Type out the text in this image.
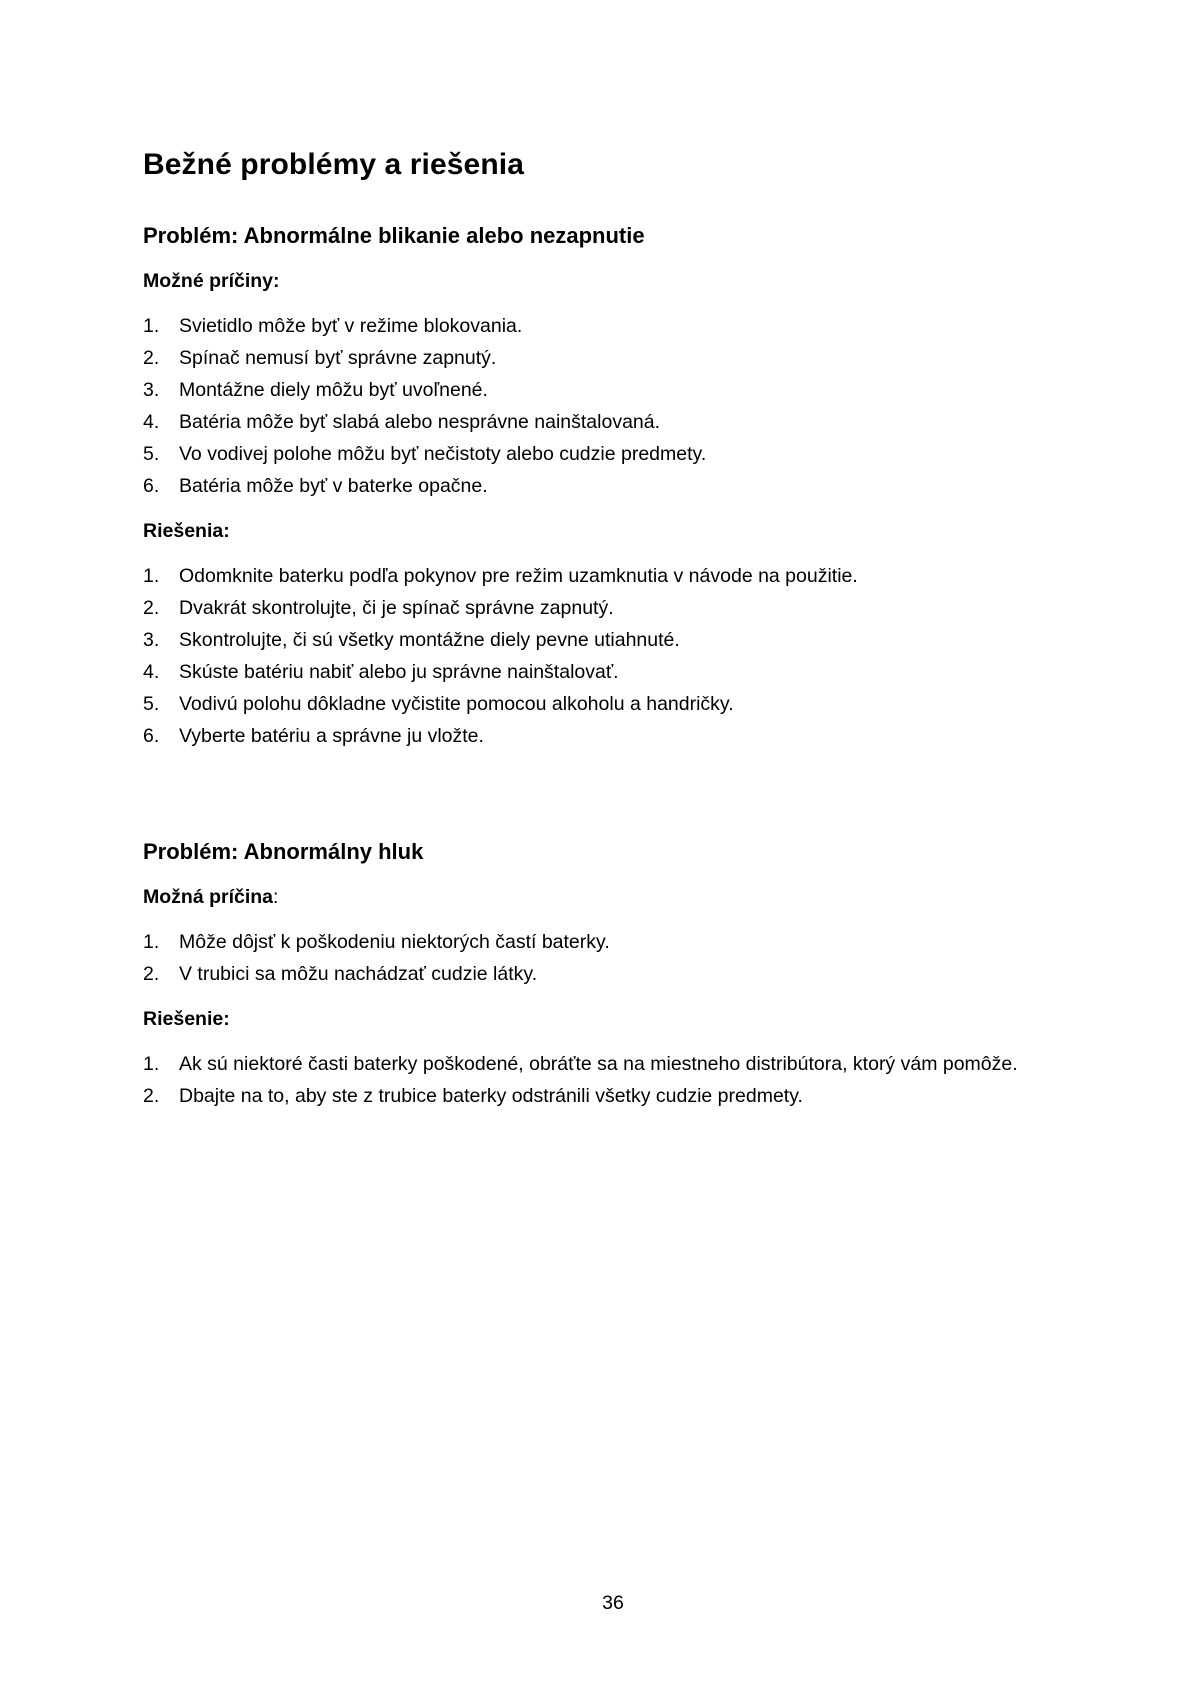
Bežné problémy a riešenia
Problém: Abnormálne blikanie alebo nezapnutie

Možné príčiny:

1. Svietidlo môže byť v režime blokovania.
2. Spínač nemusí byť správne zapnutý.
3. Montážne diely môžu byť uvoľnené.
4. Batéria môže byť slabá alebo nesprávne nainštalovaná.
5. Vo vodivej polohe môžu byť nečistoty alebo cudzie predmety.
6. Batéria môže byť v baterke opačne.

Riešenia:

1. Odomknite baterku podľa pokynov pre režim uzamknutia v návode na použitie.
2. Dvakrát skontrolujte, či je spínač správne zapnutý.
3. Skontrolujte, či sú všetky montážne diely pevne utiahnuté.
4. Skúste batériu nabiť alebo ju správne nainštalovať.
5. Vodivú polohu dôkladne vyčistite pomocou alkoholu a handričky.
6. Vyberte batériu a správne ju vložte.
Problém: Abnormálny hluk

Možná príčina:

1. Môže dôjsť k poškodeniu niektorých častí baterky.
2. V trubici sa môžu nachádzať cudzie látky.

Riešenie:

1. Ak sú niektoré časti baterky poškodené, obráťte sa na miestneho distribútora, ktorý vám pomôže.
2. Dbajte na to, aby ste z trubice baterky odstránili všetky cudzie predmety.
36
